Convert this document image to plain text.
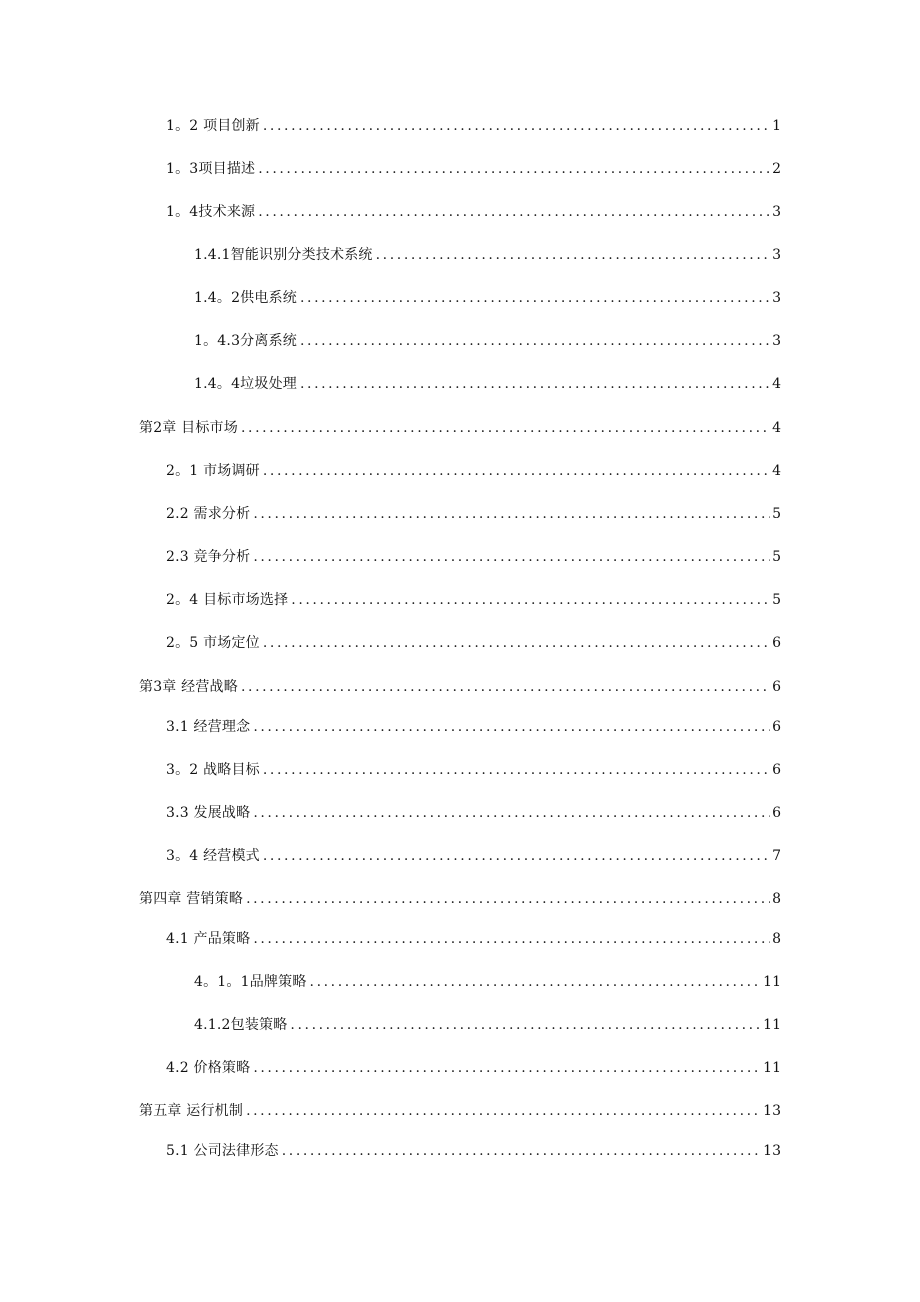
1。2 项目创新 .....	1
1。3项目描述 .....	2
1。4技术来源 .....	3
1.4.1智能识别分类技术系统 .....	3
1.4。2供电系统 .....	3
1。4.3分离系统 .....	3
1.4。4垃圾处理 .....	4
第2章 目标市场 .....	4
2。1 市场调研 .....	4
2.2 需求分析 .....	5
2.3 竞争分析 .....	5
2。4 目标市场选择 .....	5
2。5 市场定位 .....	6
第3章 经营战略 .....	6
3.1 经营理念 .....	6
3。2 战略目标 .....	6
3.3 发展战略 .....	6
3。4 经营模式 .....	7
第四章 营销策略 .....	8
4.1 产品策略 .....	8
4。1。1品牌策略 .....	11
4.1.2包装策略 .....	11
4.2 价格策略 .....	11
第五章 运行机制 .....	13
5.1 公司法律形态 .....	13
